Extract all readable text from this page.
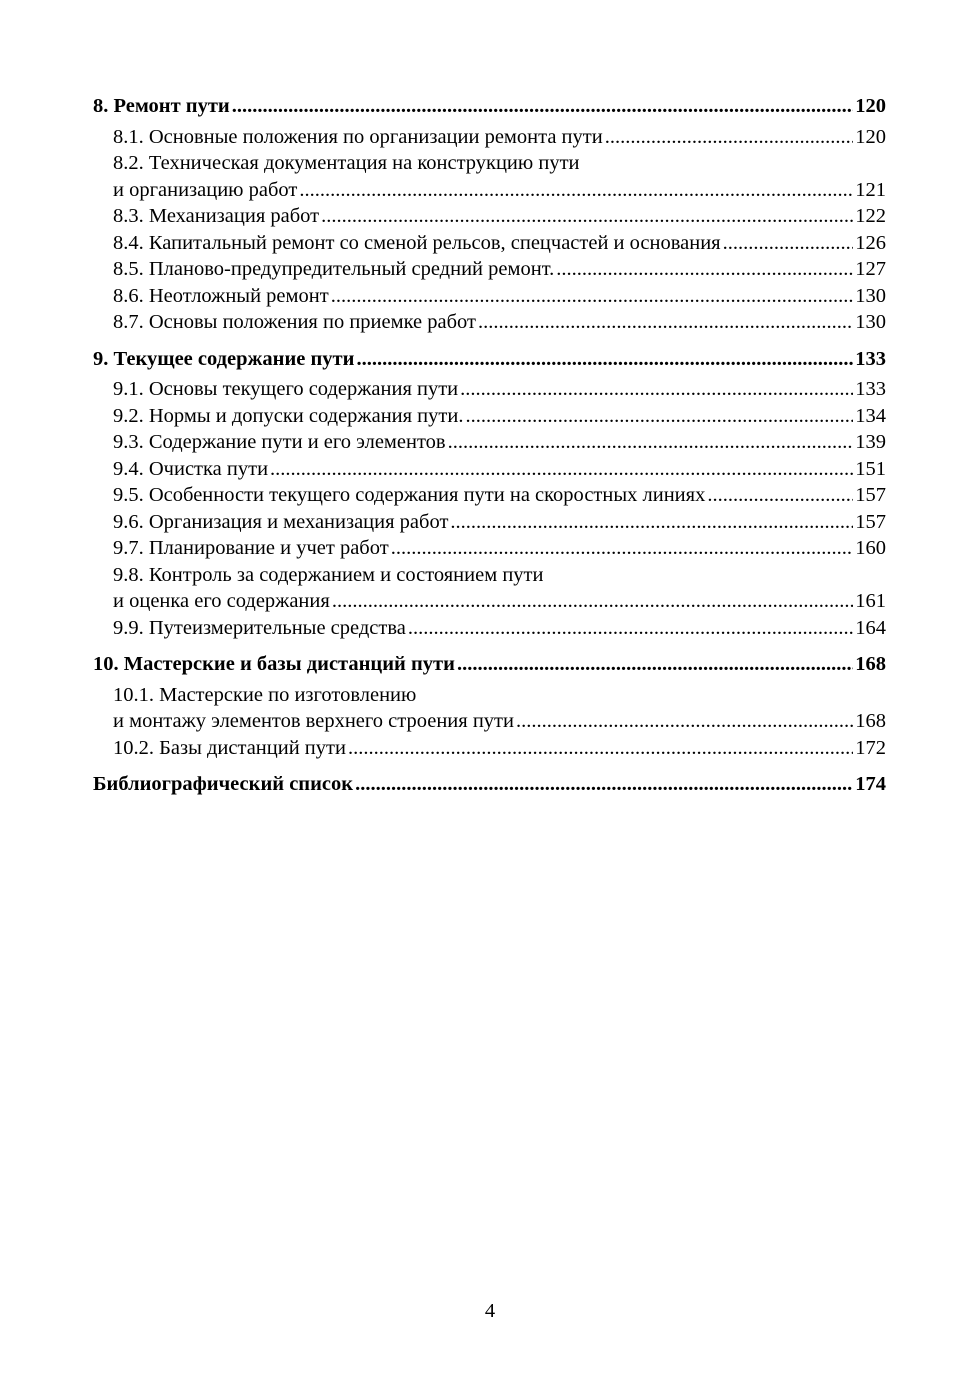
8. Ремонт пути .....	120
8.1. Основные положения по организации ремонта пути .....	120
8.2. Техническая документация на конструкцию пути
и организацию работ .....	121
8.3. Механизация работ .....	122
8.4. Капитальный ремонт со сменой рельсов, спецчастей и основания .....	126
8.5. Планово-предупредительный средний ремонт. .....	127
8.6. Неотложный ремонт .....	130
8.7. Основы положения по приемке работ .....	130
9. Текущее содержание пути .....	133
9.1. Основы текущего содержания пути .....	133
9.2. Нормы и допуски содержания пути. .....	134
9.3. Содержание пути и его элементов .....	139
9.4. Очистка пути .....	151
9.5. Особенности текущего содержания пути на скоростных линиях .....	157
9.6. Организация и механизация работ .....	157
9.7. Планирование и учет работ .....	160
9.8. Контроль за содержанием и состоянием пути
и оценка его содержания .....	161
9.9. Путеизмерительные средства .....	164
10. Мастерские и базы дистанций пути .....	168
10.1. Мастерские по изготовлению
и монтажу элементов верхнего строения пути .....	168
10.2. Базы дистанций пути .....	172
Библиографический список .....	174
4
